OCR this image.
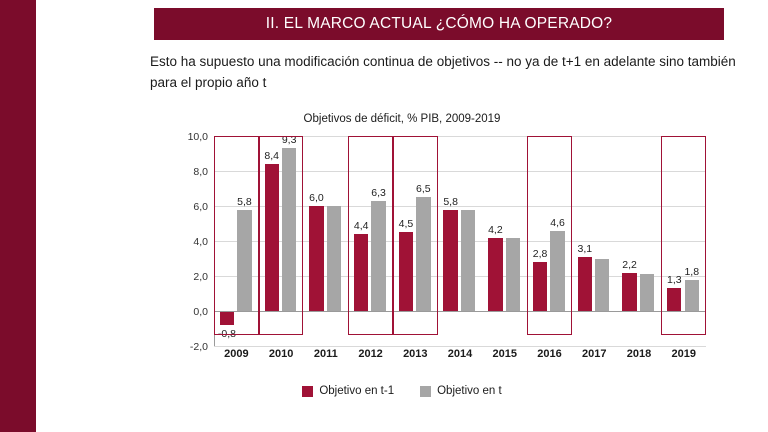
II. EL MARCO ACTUAL ¿CÓMO HA OPERADO?
Esto ha supuesto una modificación continua de objetivos -- no ya de t+1 en adelante sino también para el propio año t
Objetivos de déficit, % PIB, 2009-2019
10,0
8,0
6,0
4,0
2,0
0,0
-2,0
-0,8
5,8
8,4
9,3
6,0
4,4
6,3
4,5
6,5
5,8
4,2
2,8
4,6
3,1
2,2
1,3
1,8
2009	2010	2011	2012	2013	2014	2015	2016	2017	2018	2019
Objetivo en t-1	Objetivo en t
